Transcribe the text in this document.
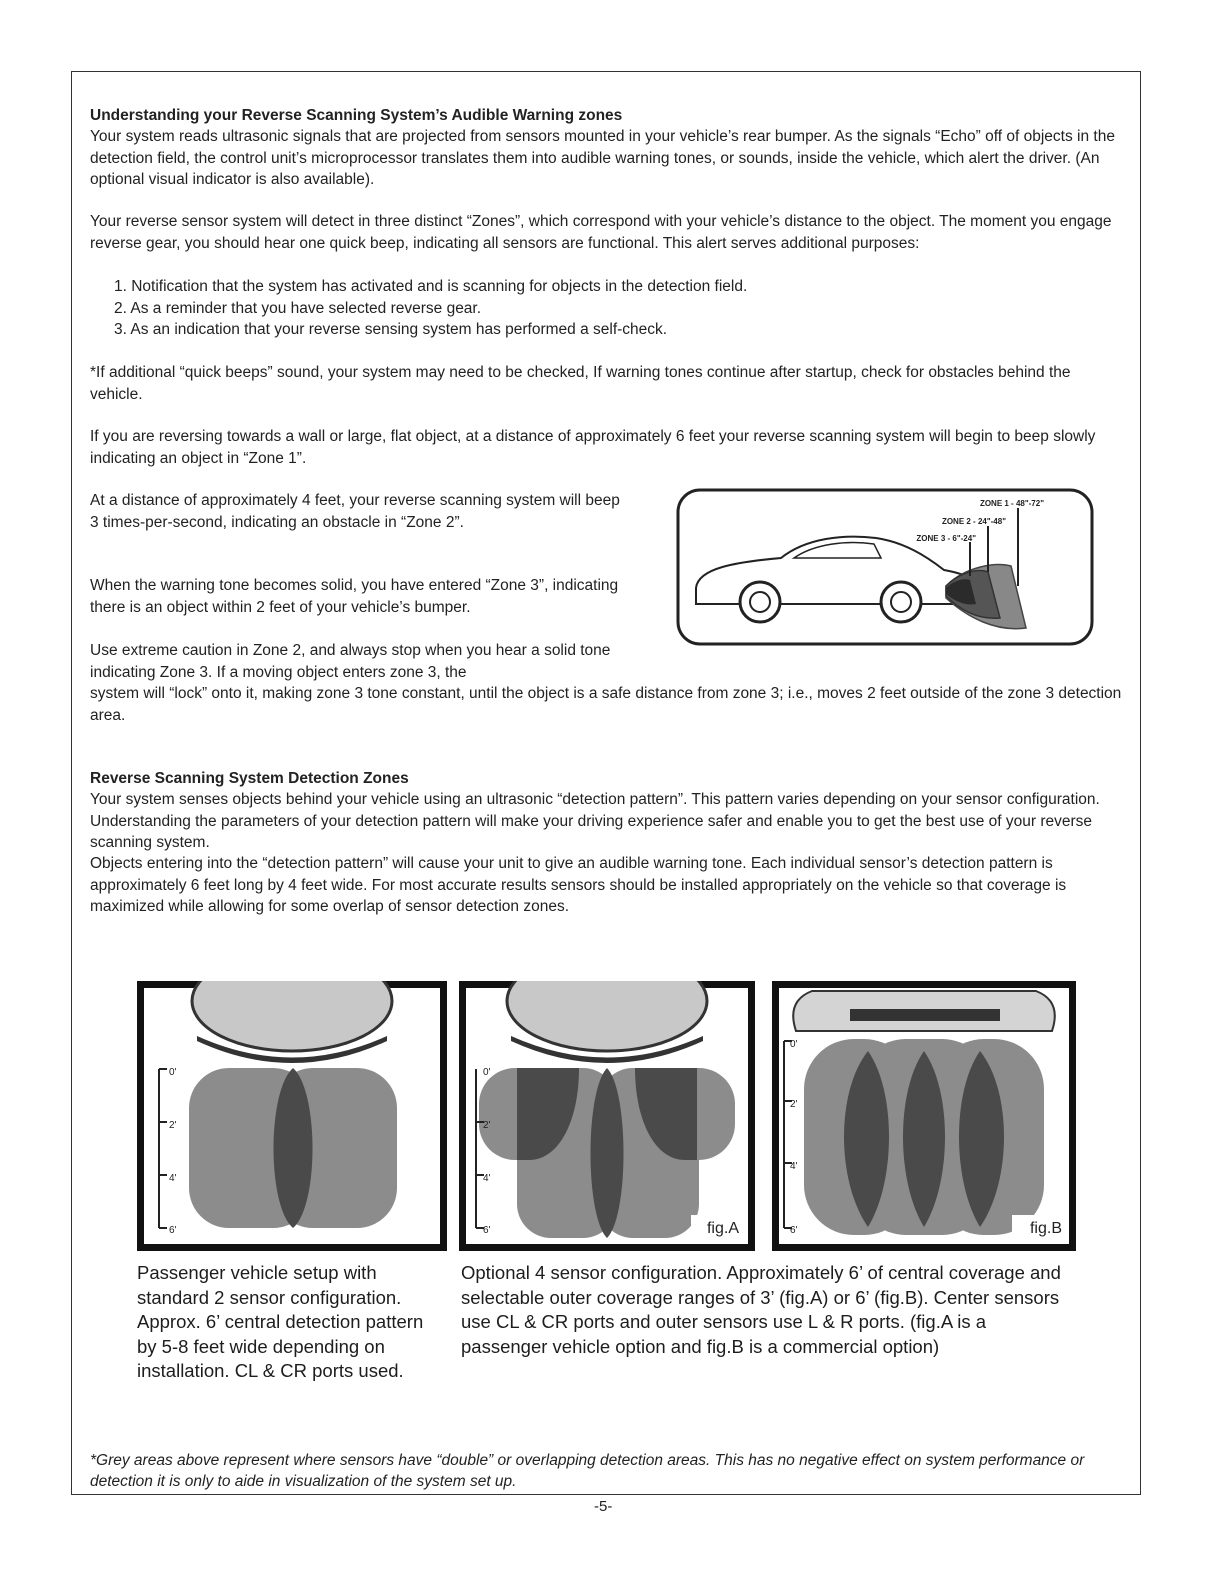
Understanding your Reverse Scanning System’s Audible Warning zones

Your system reads ultrasonic signals that are projected from sensors mounted in your vehicle’s rear bumper. As the signals “Echo” off of objects in the detection field, the control unit’s microprocessor translates them into audible warning tones, or sounds, inside the vehicle, which alert the driver. (An optional visual indicator is also available).

Your reverse sensor system will detect in three distinct “Zones”, which correspond with your vehicle’s distance to the object. The moment you engage reverse gear, you should hear one quick beep, indicating all sensors are functional. This alert serves additional purposes:

1. Notification that the system has activated and is scanning for objects in the detection field.
2. As a reminder that you have selected reverse gear.
3. As an indication that your reverse sensing system has performed a self-check.

*If additional “quick beeps” sound, your system may need to be checked, If warning tones continue after startup, check for obstacles behind the vehicle.

If you are reversing towards a wall or large, flat object, at a distance of approximately 6 feet your reverse scanning system will begin to beep slowly indicating an object in “Zone 1”.

At a distance of approximately 4 feet, your reverse scanning system will beep 3 times-per-second, indicating an obstacle in “Zone 2”.

When the warning tone becomes solid, you have entered “Zone 3”, indicating there is an object within 2 feet of your vehicle’s bumper.

Use extreme caution in Zone 2, and always stop when you hear a solid tone indicating Zone 3. If a moving object enters zone 3, the

system will “lock” onto it, making zone 3 tone constant, until the object is a safe distance from zone 3; i.e., moves 2 feet outside of the zone 3 detection area.

ZONE 1 - 48"-72"
ZONE 2 - 24"-48"
ZONE 3 - 6"-24"
Reverse Scanning System Detection Zones

Your system senses objects behind your vehicle using an ultrasonic “detection pattern”. This pattern varies depending on your sensor configuration. Understanding the parameters of your detection pattern will make your driving experience safer and enable you to get the best use of your reverse scanning system.

Objects entering into the “detection pattern” will cause your unit to give an audible warning tone. Each individual sensor’s detection pattern is approximately 6 feet long by 4 feet wide. For most accurate results sensors should be installed appropriately on the vehicle so that coverage is maximized while allowing for some overlap of sensor detection zones.

0'
2'
4'
6'
0'
2'
4'
6'	fig.A
0'
2'
4'
6'	fig.B
Passenger vehicle setup with standard 2 sensor configuration. Approx. 6’ central detection pattern by 5-8 feet wide depending on installation. CL & CR ports used.
Optional 4 sensor configuration. Approximately 6’ of central coverage and selectable outer coverage ranges of 3’ (fig.A) or 6’ (fig.B). Center sensors use CL & CR ports and outer sensors use L & R ports. (fig.A is a passenger vehicle option and fig.B is a commercial option)
*Grey areas above represent where sensors have “double” or overlapping detection areas. This has no negative effect on system performance or detection it is only to aide in visualization of the system set up.
-5-
